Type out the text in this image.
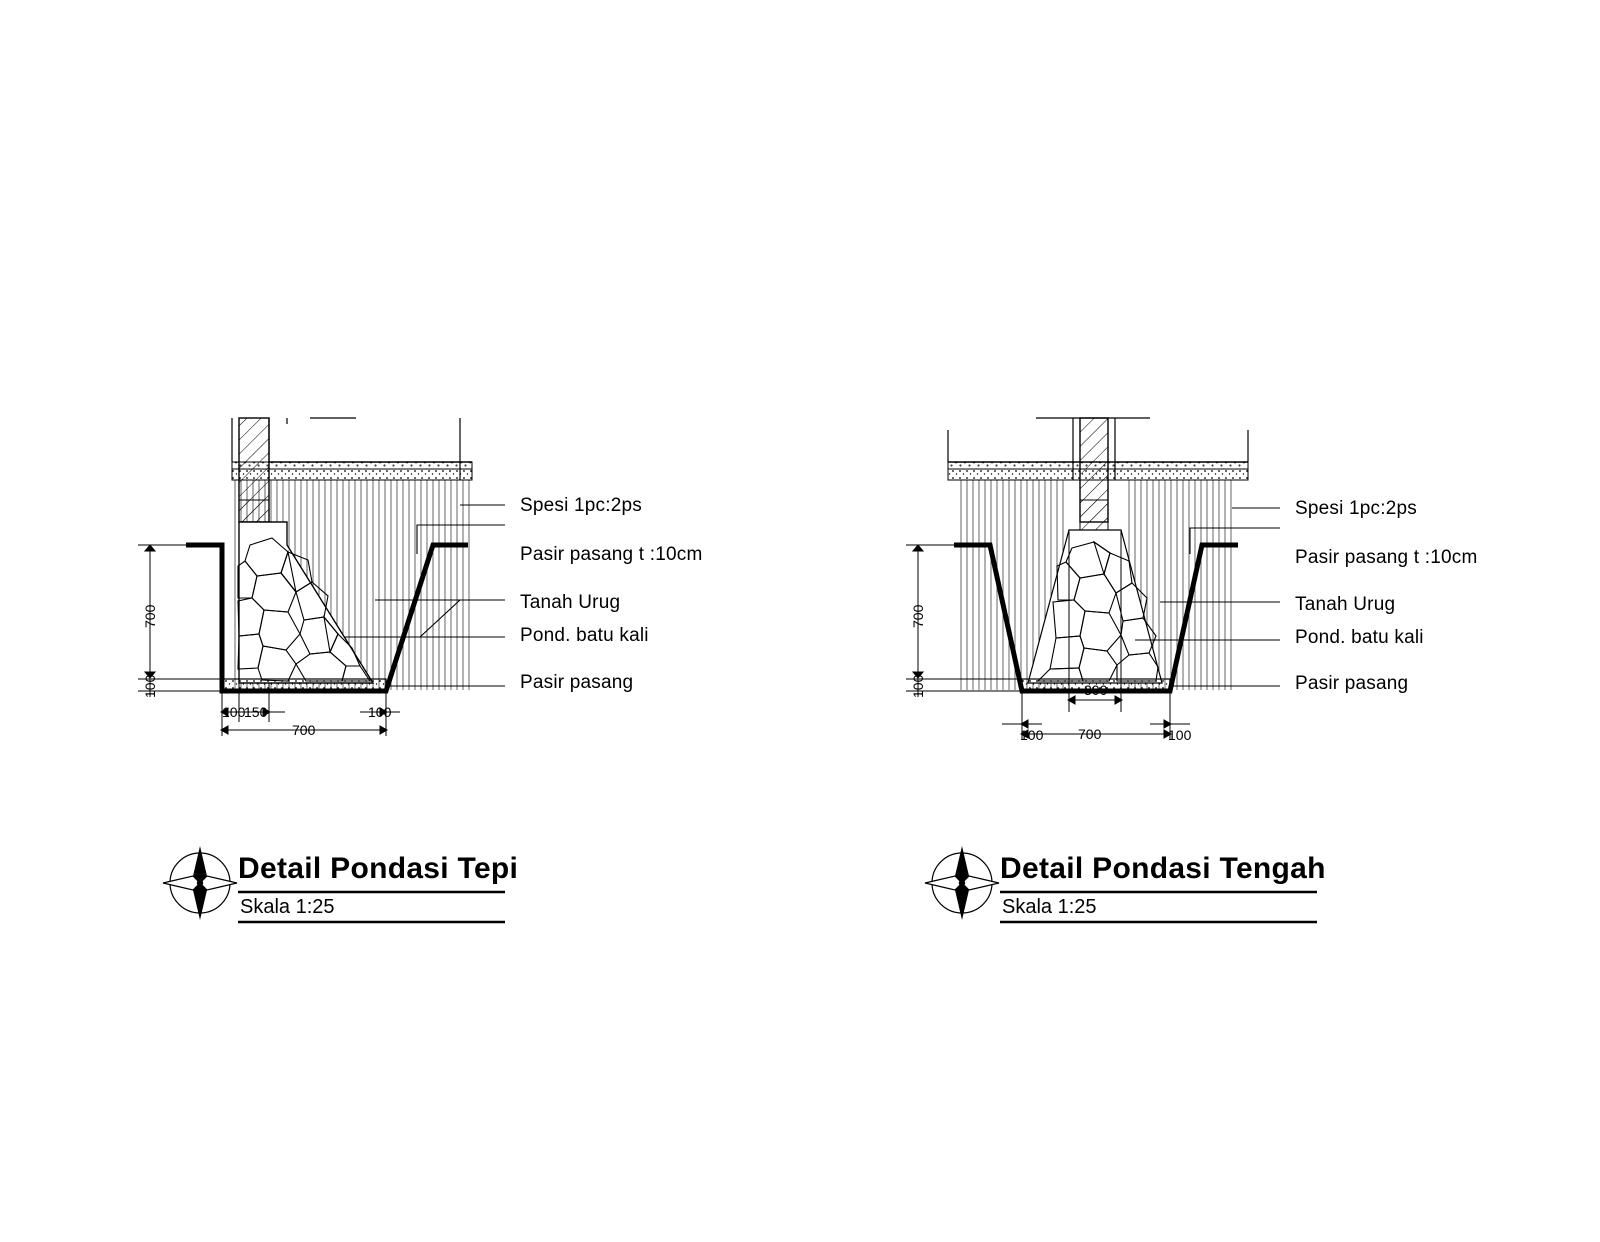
Spesi 1pc:2ps
Pasir pasang t :10cm
Tanah Urug
Pond. batu kali
Pasir pasang
700
100
100
150	100
700
Detail Pondasi Tepi
Skala 1:25
Spesi 1pc:2ps
Pasir pasang t :10cm
Tanah Urug
Pond. batu kali
Pasir pasang
700
100	300
100 700	100
Detail Pondasi Tengah
Skala 1:25
